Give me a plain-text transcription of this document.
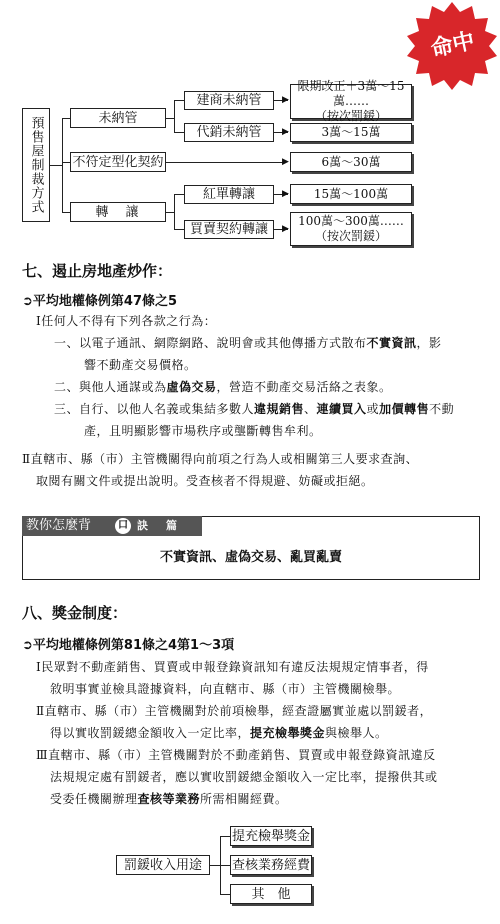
命中
預售屋制裁方式	未納管
建商未納管
代銷未納管
▶
▶
限期改正＋3萬～15萬……
（按次罰鍰）
3萬～15萬
不符定型化契約	▶	6萬～30萬
轉　讓
紅單轉讓
買賣契約轉讓
▶
▶
15萬～100萬
100萬～300萬……
（按次罰鍰）
七、遏止房地產炒作：
➲平均地權條例第47條之5
Ⅰ任何人不得有下列各款之行為：
一、以電子通訊、網際網路、說明會或其他傳播方式散布不實資訊，影
響不動產交易價格。
二、與他人通謀或為虛偽交易，營造不動產交易活絡之表象。
三、自行、以他人名義或集結多數人違規銷售、連續買入或加價轉售不動
產，且明顯影響市場秩序或壟斷轉售牟利。
Ⅱ直轄市、縣（市）主管機關得向前項之行為人或相關第三人要求查詢、
取閱有關文件或提出說明。受查核者不得規避、妨礙或拒絕。
教你怎麼背	口 訣 篇
不實資訊、虛偽交易、亂買亂賣
八、獎金制度：
➲平均地權條例第81條之4第1～3項
Ⅰ民眾對不動產銷售、買賣或申報登錄資訊知有違反法規規定情事者，得
敘明事實並檢具證據資料，向直轄市、縣（市）主管機關檢舉。
Ⅱ直轄市、縣（市）主管機關對於前項檢舉，經查證屬實並處以罰鍰者，
得以實收罰鍰總金額收入一定比率，提充檢舉獎金與檢舉人。
Ⅲ直轄市、縣（市）主管機關對於不動產銷售、買賣或申報登錄資訊違反
法規規定處有罰鍰者，應以實收罰鍰總金額收入一定比率，提撥供其或
受委任機關辦理查核等業務所需相關經費。
罰鍰收入用途
提充檢舉獎金
查核業務經費
其　他
